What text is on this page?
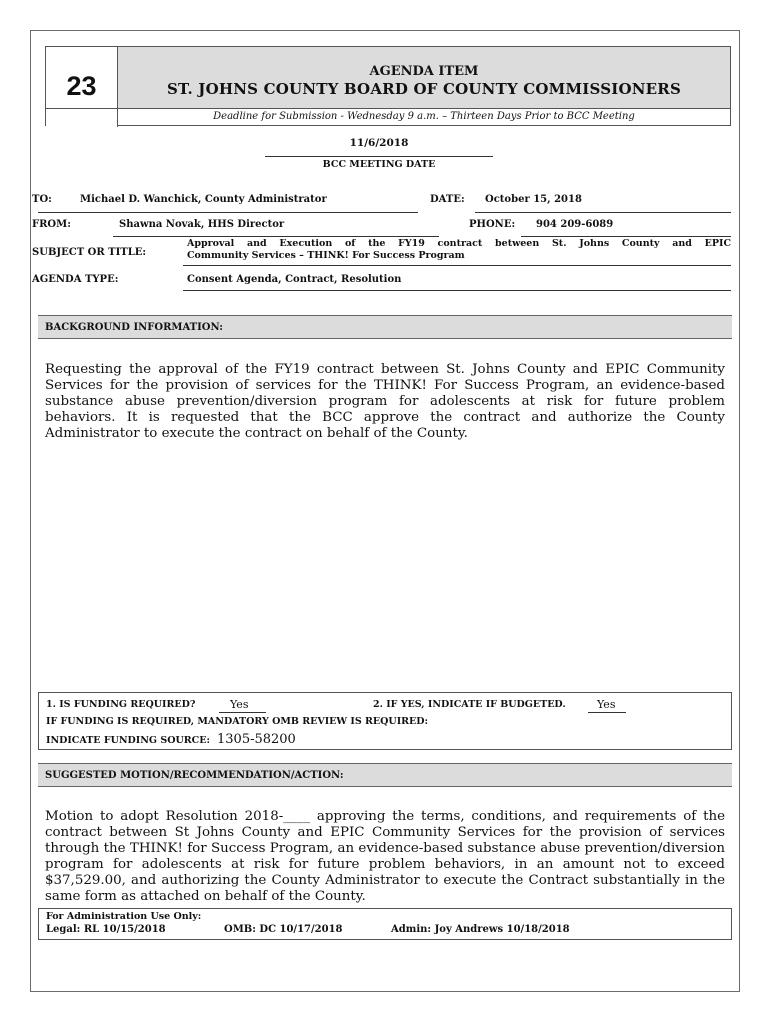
23	AGENDA ITEM
ST. JOHNS COUNTY BOARD OF COUNTY COMMISSIONERS
Deadline for Submission - Wednesday 9 a.m. – Thirteen Days Prior to BCC Meeting
11/6/2018
BCC MEETING DATE
TO:	Michael D. Wanchick, County Administrator	DATE: October 15, 2018
FROM:	Shawna Novak, HHS Director	PHONE: 904 209-6089
SUBJECT OR TITLE:
Approval and Execution of the FY19 contract between St. Johns County and EPIC
Community Services – THINK! For Success Program
AGENDA TYPE:	Consent Agenda, Contract, Resolution
BACKGROUND INFORMATION:
Requesting the approval of the FY19 contract between St. Johns County and EPIC Community Services for the provision of services for the THINK! For Success Program, an evidence-based substance abuse prevention/diversion program for adolescents at risk for future problem behaviors. It is requested that the BCC approve the contract and authorize the County Administrator to execute the contract on behalf of the County.
1. IS FUNDING REQUIRED?	Yes	2. IF YES, INDICATE IF BUDGETED.	Yes
IF FUNDING IS REQUIRED, MANDATORY OMB REVIEW IS REQUIRED:
INDICATE FUNDING SOURCE: 1305-58200
SUGGESTED MOTION/RECOMMENDATION/ACTION:
Motion to adopt Resolution 2018-____ approving the terms, conditions, and requirements of the contract between St Johns County and EPIC Community Services for the provision of services through the THINK! for Success Program, an evidence-based substance abuse prevention/diversion program for adolescents at risk for future problem behaviors, in an amount not to exceed $37,529.00, and authorizing the County Administrator to execute the Contract substantially in the same form as attached on behalf of the County.
For Administration Use Only:
Legal: RL 10/15/2018	OMB: DC 10/17/2018	Admin: Joy Andrews 10/18/2018
